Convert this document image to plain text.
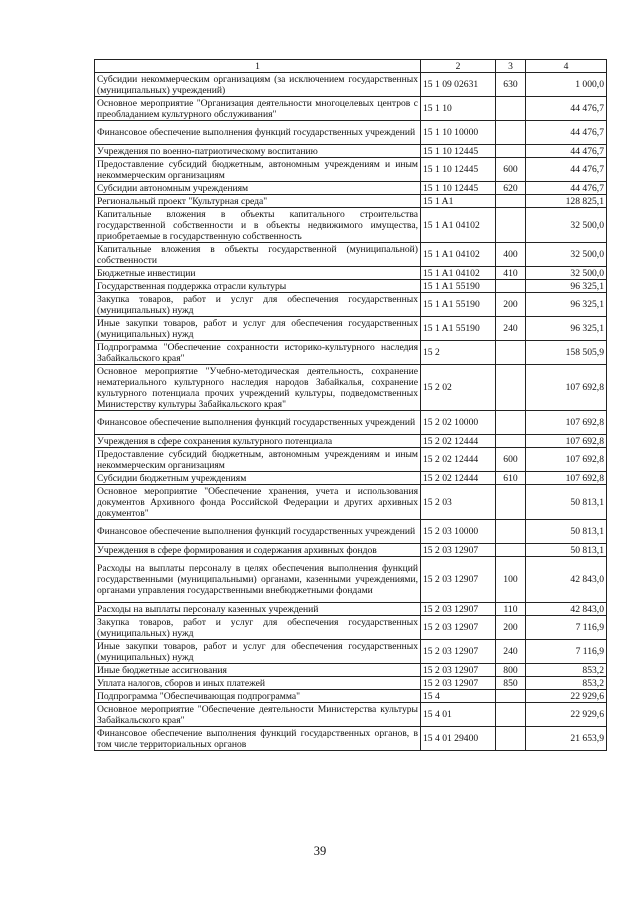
1	2	3	4
Субсидии некоммерческим организациям (за исключением государственных (муниципальных) учреждений)	15 1 09 02631	630	1 000,0
Основное мероприятие "Организация деятельности многоцелевых центров с преобладанием культурного обслуживания"	15 1 10		44 476,7
Финансовое обеспечение выполнения функций государственных учреждений	15 1 10 10000		44 476,7
Учреждения по военно-патриотическому воспитанию	15 1 10 12445		44 476,7
Предоставление субсидий бюджетным, автономным учреждениям и иным некоммерческим организациям	15 1 10 12445	600	44 476,7
Субсидии автономным учреждениям	15 1 10 12445	620	44 476,7
Региональный проект "Культурная среда"	15 1 A1		128 825,1
Капитальные вложения в объекты капитального строительства государственной собственности и в объекты недвижимого имущества, приобретаемые в государственную собственность	15 1 A1 04102		32 500,0
Капитальные вложения в объекты государственной (муниципальной) собственности	15 1 A1 04102	400	32 500,0
Бюджетные инвестиции	15 1 A1 04102	410	32 500,0
Государственная поддержка отрасли культуры	15 1 A1 55190		96 325,1
Закупка товаров, работ и услуг для обеспечения государственных (муниципальных) нужд	15 1 A1 55190	200	96 325,1
Иные закупки товаров, работ и услуг для обеспечения государственных (муниципальных) нужд	15 1 A1 55190	240	96 325,1
Подпрограмма "Обеспечение сохранности историко-культурного наследия Забайкальского края"	15 2		158 505,9
Основное мероприятие "Учебно-методическая деятельность, сохранение нематериального культурного наследия народов Забайкалья, сохранение культурного потенциала прочих учреждений культуры, подведомственных Министерству культуры Забайкальского края"	15 2 02		107 692,8
Финансовое обеспечение выполнения функций государственных учреждений	15 2 02 10000		107 692,8
Учреждения в сфере сохранения культурного потенциала	15 2 02 12444		107 692,8
Предоставление субсидий бюджетным, автономным учреждениям и иным некоммерческим организациям	15 2 02 12444	600	107 692,8
Субсидии бюджетным учреждениям	15 2 02 12444	610	107 692,8
Основное мероприятие "Обеспечение хранения, учета и использования документов Архивного фонда Российской Федерации и других архивных документов"	15 2 03		50 813,1
Финансовое обеспечение выполнения функций государственных учреждений	15 2 03 10000		50 813,1
Учреждения в сфере формирования и содержания архивных фондов	15 2 03 12907		50 813,1
Расходы на выплаты персоналу в целях обеспечения выполнения функций государственными (муниципальными) органами, казенными учреждениями, органами управления государственными внебюджетными фондами	15 2 03 12907	100	42 843,0
Расходы на выплаты персоналу казенных учреждений	15 2 03 12907	110	42 843,0
Закупка товаров, работ и услуг для обеспечения государственных (муниципальных) нужд	15 2 03 12907	200	7 116,9
Иные закупки товаров, работ и услуг для обеспечения государственных (муниципальных) нужд	15 2 03 12907	240	7 116,9
Иные бюджетные ассигнования	15 2 03 12907	800	853,2
Уплата налогов, сборов и иных платежей	15 2 03 12907	850	853,2
Подпрограмма "Обеспечивающая подпрограмма"	15 4		22 929,6
Основное мероприятие "Обеспечение деятельности Министерства культуры Забайкальского края"	15 4 01		22 929,6
Финансовое обеспечение выполнения функций государственных органов, в том числе территориальных органов	15 4 01 29400		21 653,9
39
